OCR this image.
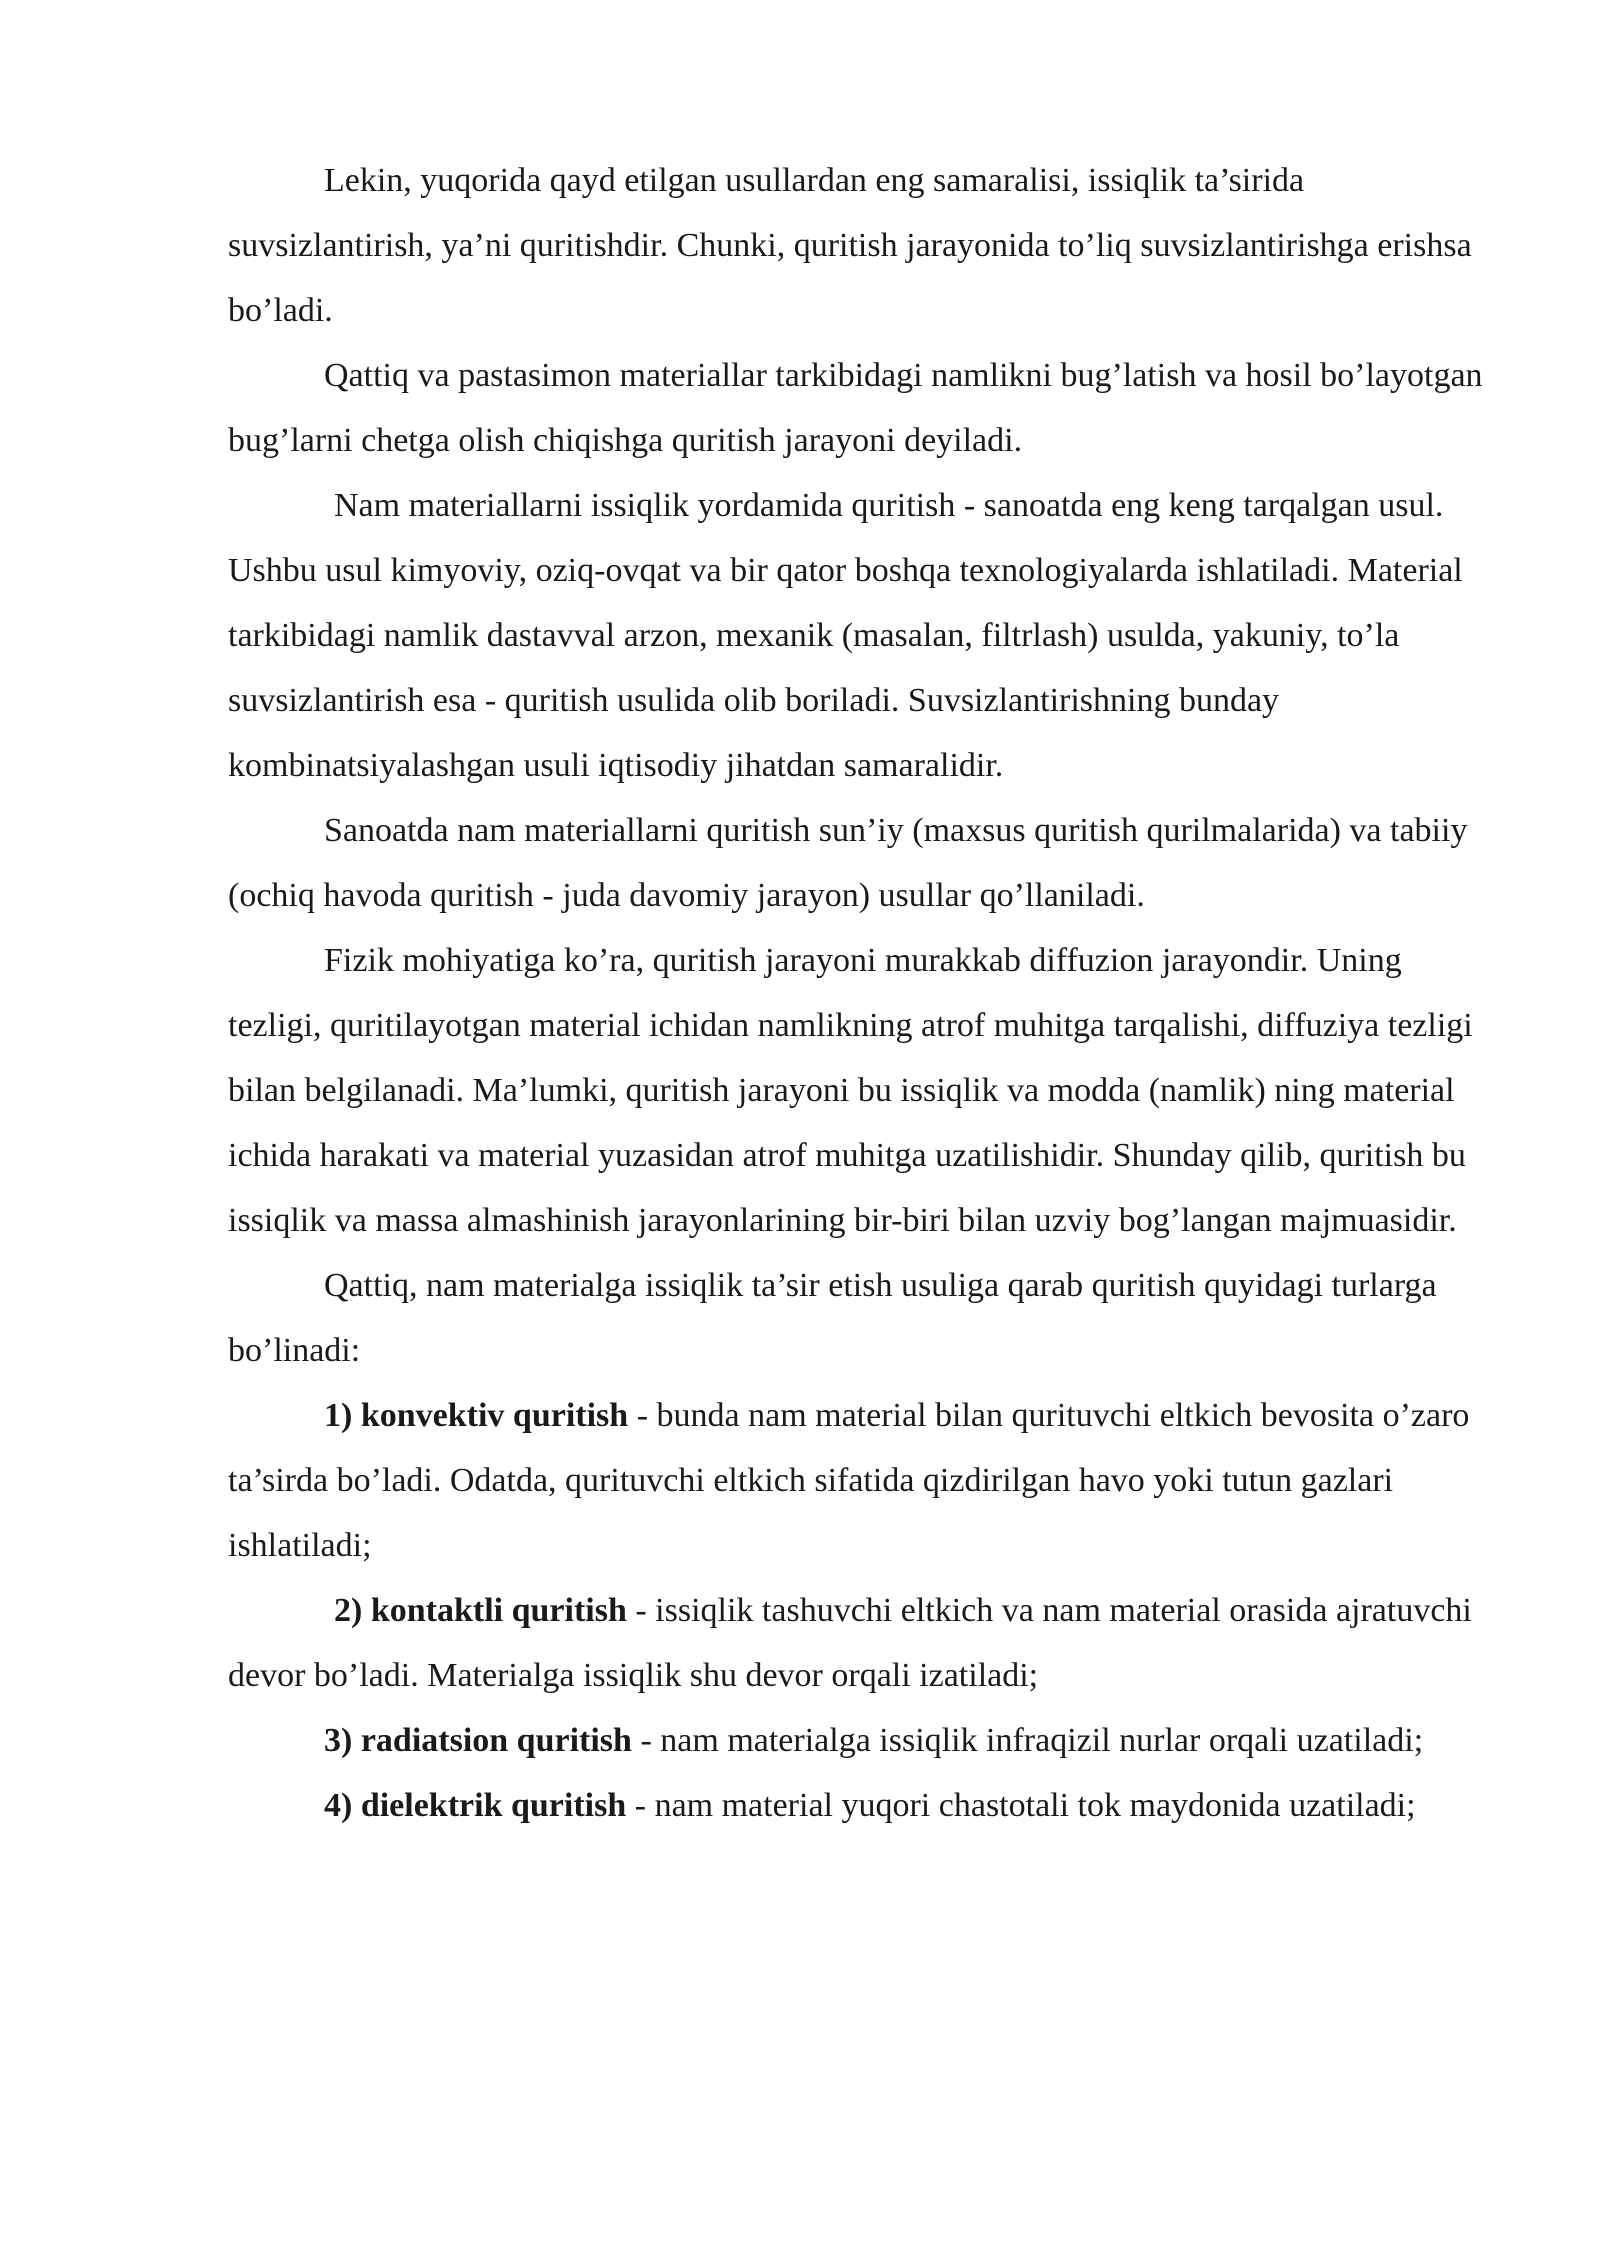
Lekin, yuqorida qayd etilgan usullardan eng samaralisi, issiqlik ta’sirida suvsizlantirish, ya’ni quritishdir. Chunki, quritish jarayonida to’liq suvsizlantirishga erishsa bo’ladi.

Qattiq va pastasimon materiallar tarkibidagi namlikni bug’latish va hosil bo’layotgan bug’larni chetga olish chiqishga quritish jarayoni deyiladi.

Nam materiallarni issiqlik yordamida quritish - sanoatda eng keng tarqalgan usul. Ushbu usul kimyoviy, oziq-ovqat va bir qator boshqa texnologiyalarda ishlatiladi. Material tarkibidagi namlik dastavval arzon, mexanik (masalan, filtrlash) usulda, yakuniy, to’la suvsizlantirish esa - quritish usulida olib boriladi. Suvsizlantirishning bunday kombinatsiyalashgan usuli iqtisodiy jihatdan samaralidir.

Sanoatda nam materiallarni quritish sun’iy (maxsus quritish qurilmalarida) va tabiiy (ochiq havoda quritish - juda davomiy jarayon) usullar qo’llaniladi.

Fizik mohiyatiga ko’ra, quritish jarayoni murakkab diffuzion jarayondir. Uning tezligi, quritilayotgan material ichidan namlikning atrof muhitga tarqalishi, diffuziya tezligi bilan belgilanadi. Ma’lumki, quritish jarayoni bu issiqlik va modda (namlik) ning material ichida harakati va material yuzasidan atrof muhitga uzatilishidir. Shunday qilib, quritish bu issiqlik va massa almashinish jarayonlarining bir-biri bilan uzviy bog’langan majmuasidir.

Qattiq, nam materialga issiqlik ta’sir etish usuliga qarab quritish quyidagi turlarga bo’linadi:

1) konvektiv quritish - bunda nam material bilan qurituvchi eltkich bevosita o’zaro ta’sirda bo’ladi. Odatda, qurituvchi eltkich sifatida qizdirilgan havo yoki tutun gazlari ishlatiladi;

2) kontaktli quritish - issiqlik tashuvchi eltkich va nam material orasida ajratuvchi devor bo’ladi. Materialga issiqlik shu devor orqali izatiladi;

3) radiatsion quritish - nam materialga issiqlik infraqizil nurlar orqali uzatiladi;

4) dielektrik quritish - nam material yuqori chastotali tok maydonida uzatiladi;
